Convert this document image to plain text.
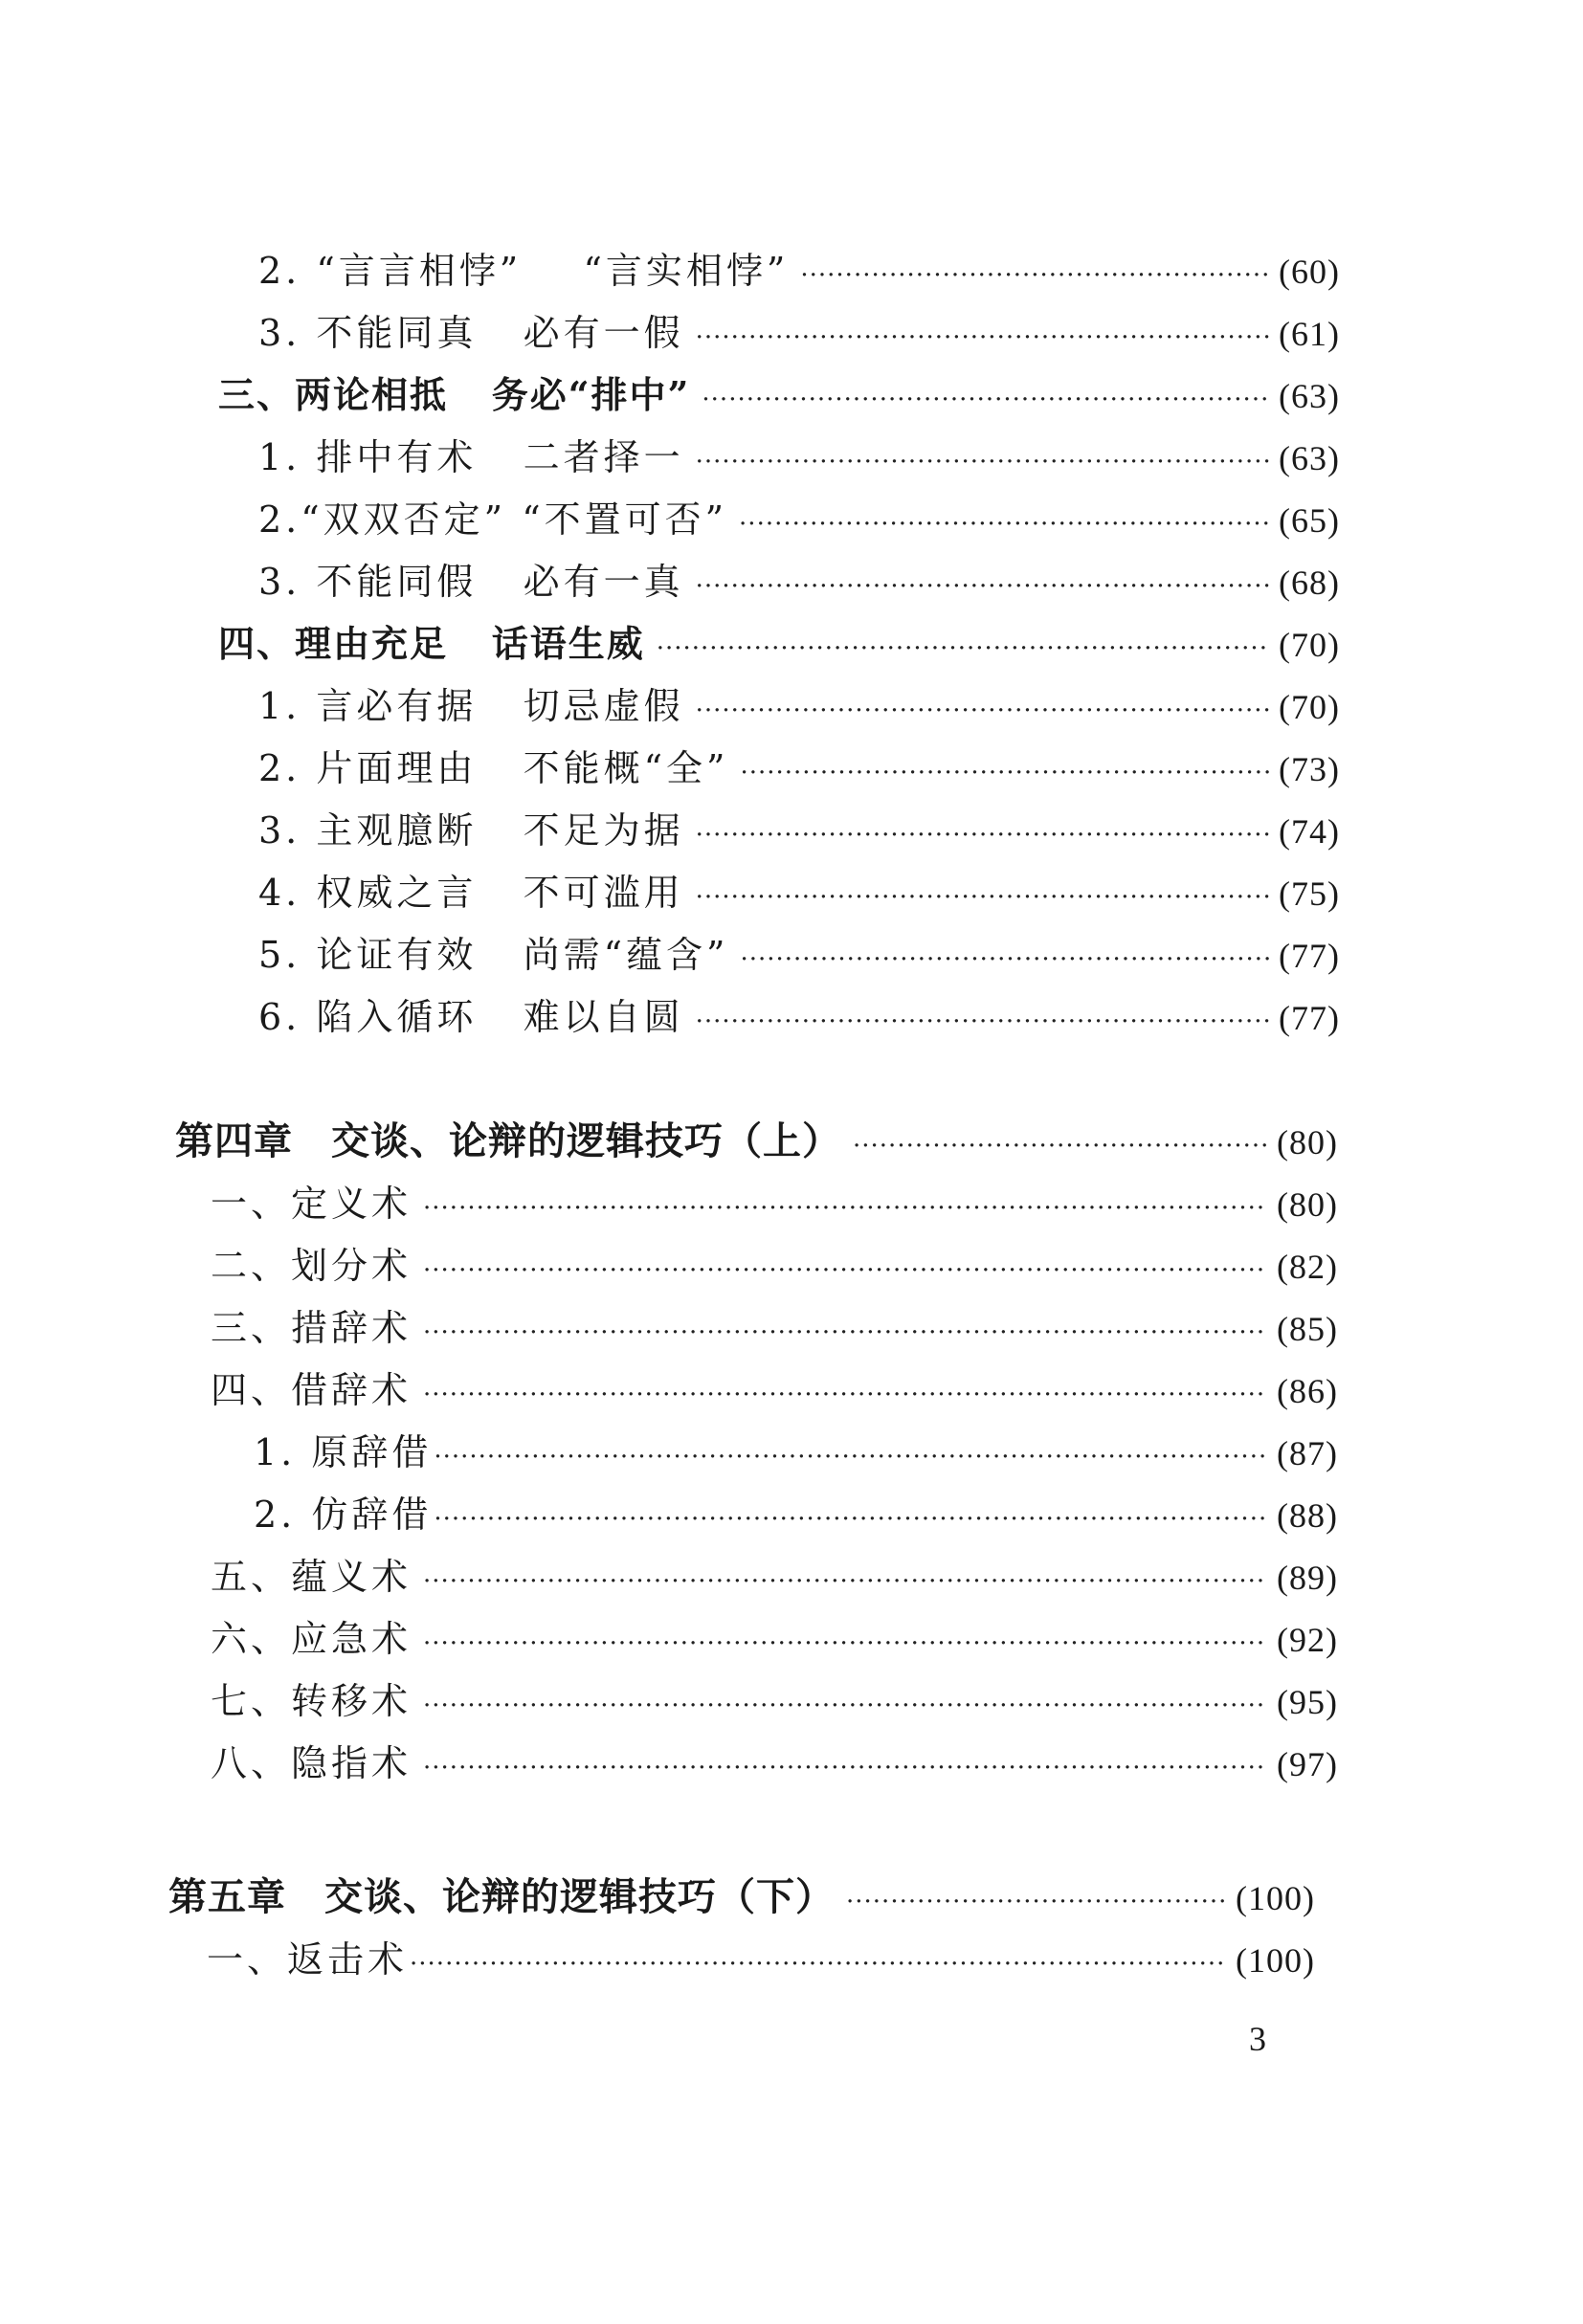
2. “言言相悖”    “言实相悖” ·····	(60)
3. 不能同真   必有一假 ·····	(61)
三、两论相抵   务必“排中” ·····	(63)
1. 排中有术   二者择一 ·····	(63)
2.“双双否定” “不置可否” ·····	(65)
3. 不能同假   必有一真 ·····	(68)
四、理由充足   话语生威 ·····	(70)
1. 言必有据   切忌虚假 ·····	(70)
2. 片面理由   不能概“全” ·····	(73)
3. 主观臆断   不足为据 ·····	(74)
4. 权威之言   不可滥用 ·····	(75)
5. 论证有效   尚需“蕴含” ·····	(77)
6. 陷入循环   难以自圆 ·····	(77)
第四章 交谈、论辩的逻辑技巧（上） ·····	(80)
一、定义术 ·····	(80)
二、划分术 ·····	(82)
三、措辞术 ·····	(85)
四、借辞术 ·····	(86)
1. 原辞借 ·····	(87)
2. 仿辞借 ·····	(88)
五、蕴义术 ·····	(89)
六、应急术 ·····	(92)
七、转移术 ·····	(95)
八、隐指术 ·····	(97)
第五章 交谈、论辩的逻辑技巧（下） ·····	(100)
一、返击术 ·····	(100)
3
